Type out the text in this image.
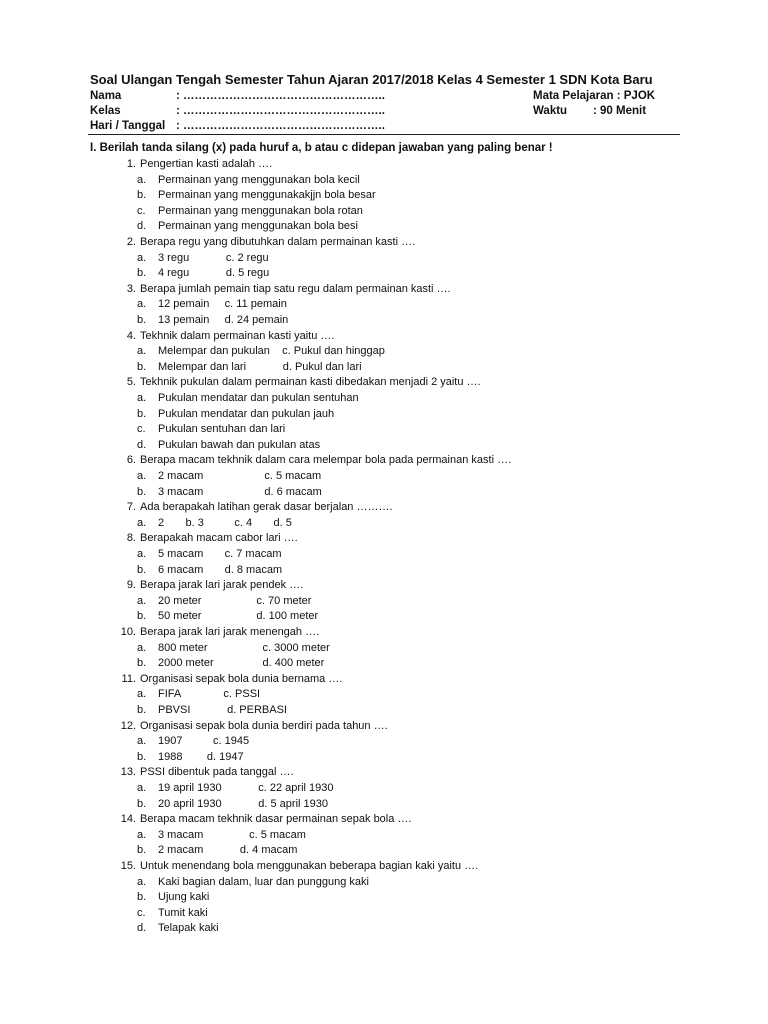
Soal Ulangan Tengah Semester Tahun Ajaran 2017/2018 Kelas 4 Semester 1 SDN Kota Baru
Nama	: ……………………………………………..
Kelas	: ……………………………………………..
Hari / Tanggal : ……………………………………………..
Mata Pelajaran : PJOK
Waktu : 90 Menit
I. Berilah tanda silang (x) pada huruf a, b atau c didepan jawaban yang paling benar !
1. Pengertian kasti adalah ….
a. Permainan yang menggunakan bola kecil
b. Permainan yang menggunakakjjn bola besar
c. Permainan yang menggunakan bola rotan
d. Permainan yang menggunakan bola besi
2. Berapa regu yang dibutuhkan dalam permainan kasti ….
a. 3 regu            c. 2 regu
b. 4 regu            d. 5 regu
3. Berapa jumlah pemain tiap satu regu dalam permainan kasti ….
a. 12 pemain     c. 11 pemain
b. 13 pemain     d. 24 pemain
4. Tekhnik dalam permainan kasti yaitu ….
a. Melempar dan pukulan    c. Pukul dan hinggap
b. Melempar dan lari            d. Pukul dan lari
5. Tekhnik pukulan dalam permainan kasti dibedakan menjadi 2 yaitu ….
a. Pukulan mendatar dan pukulan sentuhan
b. Pukulan mendatar dan pukulan jauh
c. Pukulan sentuhan dan lari
d. Pukulan bawah dan pukulan atas
6. Berapa macam tekhnik dalam cara melempar bola pada permainan kasti ….
a. 2 macam                    c. 5 macam
b. 3 macam                    d. 6 macam
7. Ada berapakah latihan gerak dasar berjalan ……….
a. 2       b. 3          c. 4       d. 5
8. Berapakah macam cabor lari ….
a. 5 macam       c. 7 macam
b. 6 macam       d. 8 macam
9. Berapa jarak lari jarak pendek ….
a. 20 meter                  c. 70 meter
b. 50 meter                  d. 100 meter
10. Berapa jarak lari jarak menengah ….
a. 800 meter                  c. 3000 meter
b. 2000 meter                d. 400 meter
11. Organisasi sepak bola dunia bernama ….
a. FIFA              c. PSSI
b. PBVSI            d. PERBASI
12. Organisasi sepak bola dunia berdiri pada tahun ….
a. 1907          c. 1945
b. 1988        d. 1947
13. PSSI dibentuk pada tanggal ….
a. 19 april 1930            c. 22 april 1930
b. 20 april 1930            d. 5 april 1930
14. Berapa macam tekhnik dasar permainan sepak bola ….
a. 3 macam               c. 5 macam
b. 2 macam            d. 4 macam
15. Untuk menendang bola menggunakan beberapa bagian kaki yaitu ….
a. Kaki bagian dalam, luar dan punggung kaki
b. Ujung kaki
c. Tumit kaki
d. Telapak kaki
